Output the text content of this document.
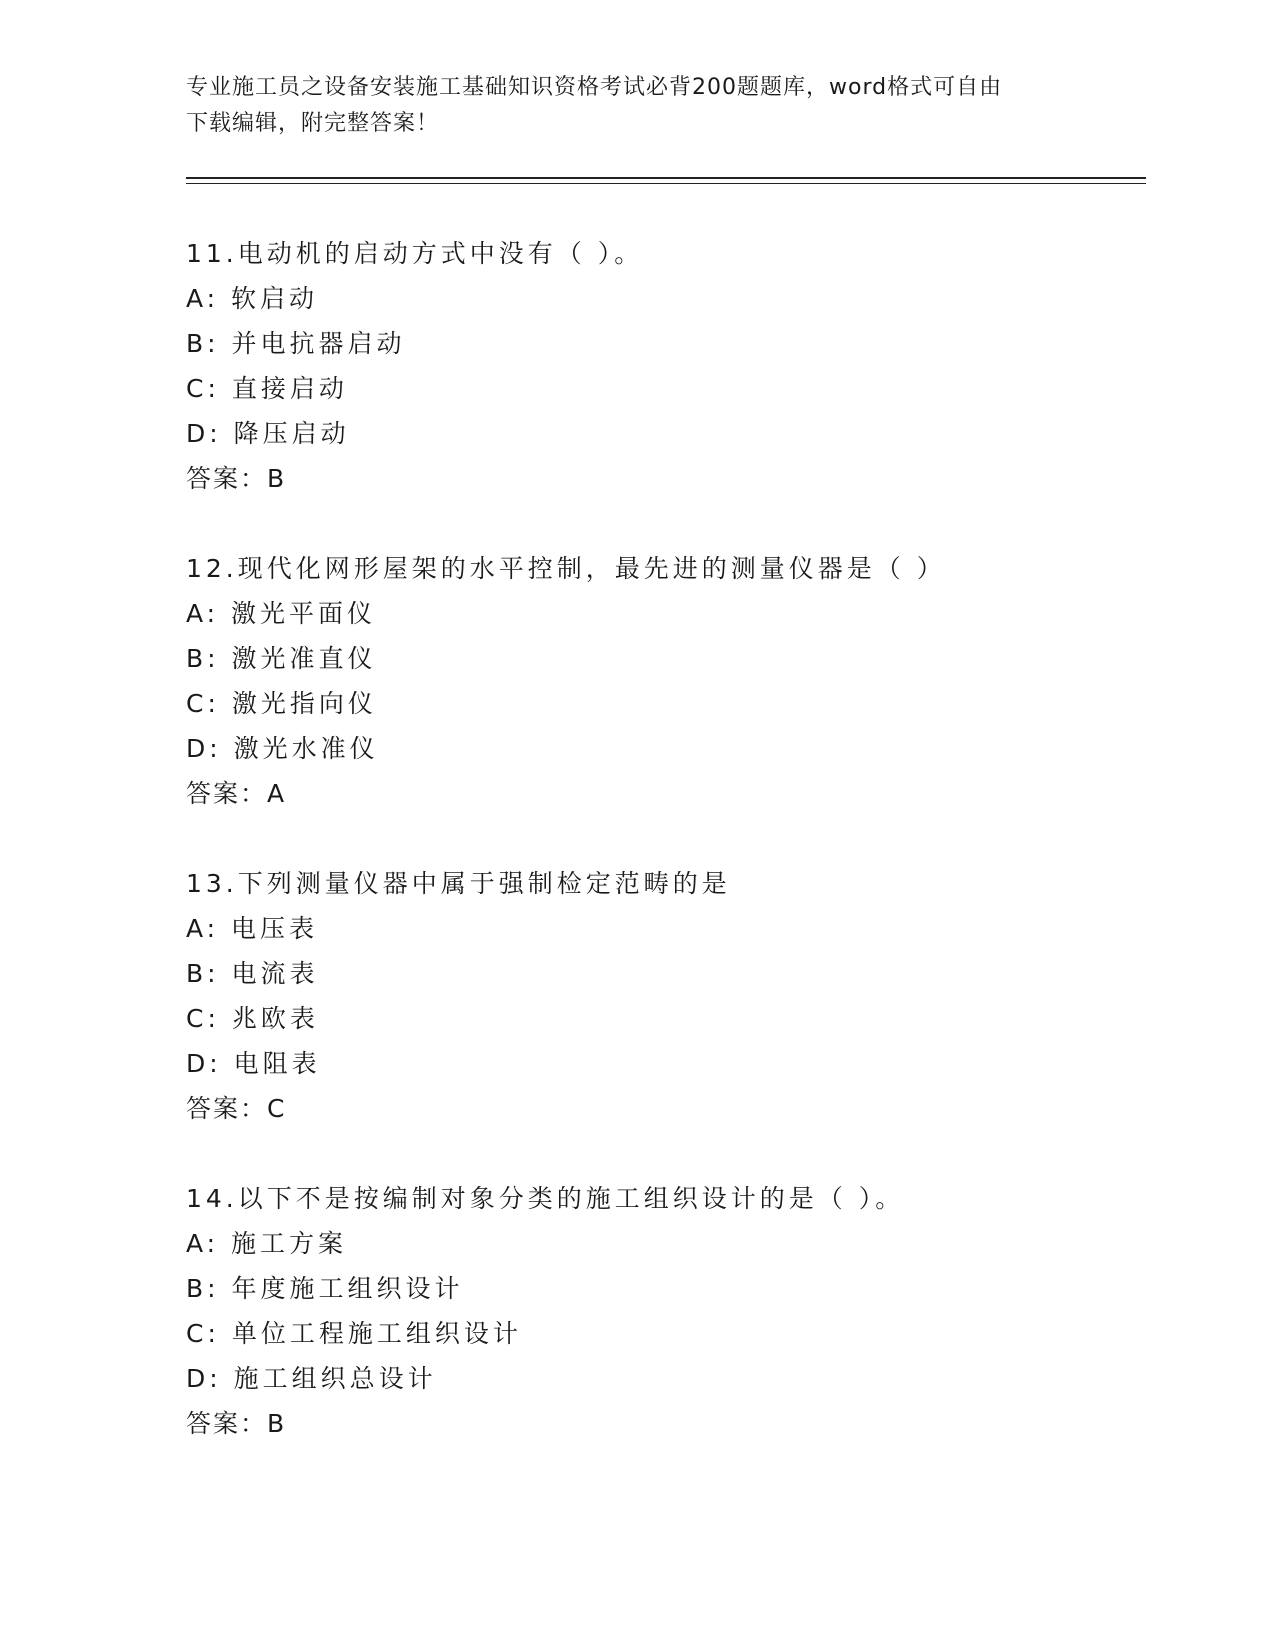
专业施工员之设备安装施工基础知识资格考试必背200题题库，word格式可自由
下载编辑，附完整答案！
11.电动机的启动方式中没有（ ）。
A: 软启动
B: 并电抗器启动
C: 直接启动
D: 降压启动
答案：B
12.现代化网形屋架的水平控制，最先进的测量仪器是（ ）
A: 激光平面仪
B: 激光准直仪
C: 激光指向仪
D: 激光水准仪
答案：A
13.下列测量仪器中属于强制检定范畴的是
A: 电压表
B: 电流表
C: 兆欧表
D: 电阻表
答案：C
14.以下不是按编制对象分类的施工组织设计的是（ ）。
A: 施工方案
B: 年度施工组织设计
C: 单位工程施工组织设计
D: 施工组织总设计
答案：B
